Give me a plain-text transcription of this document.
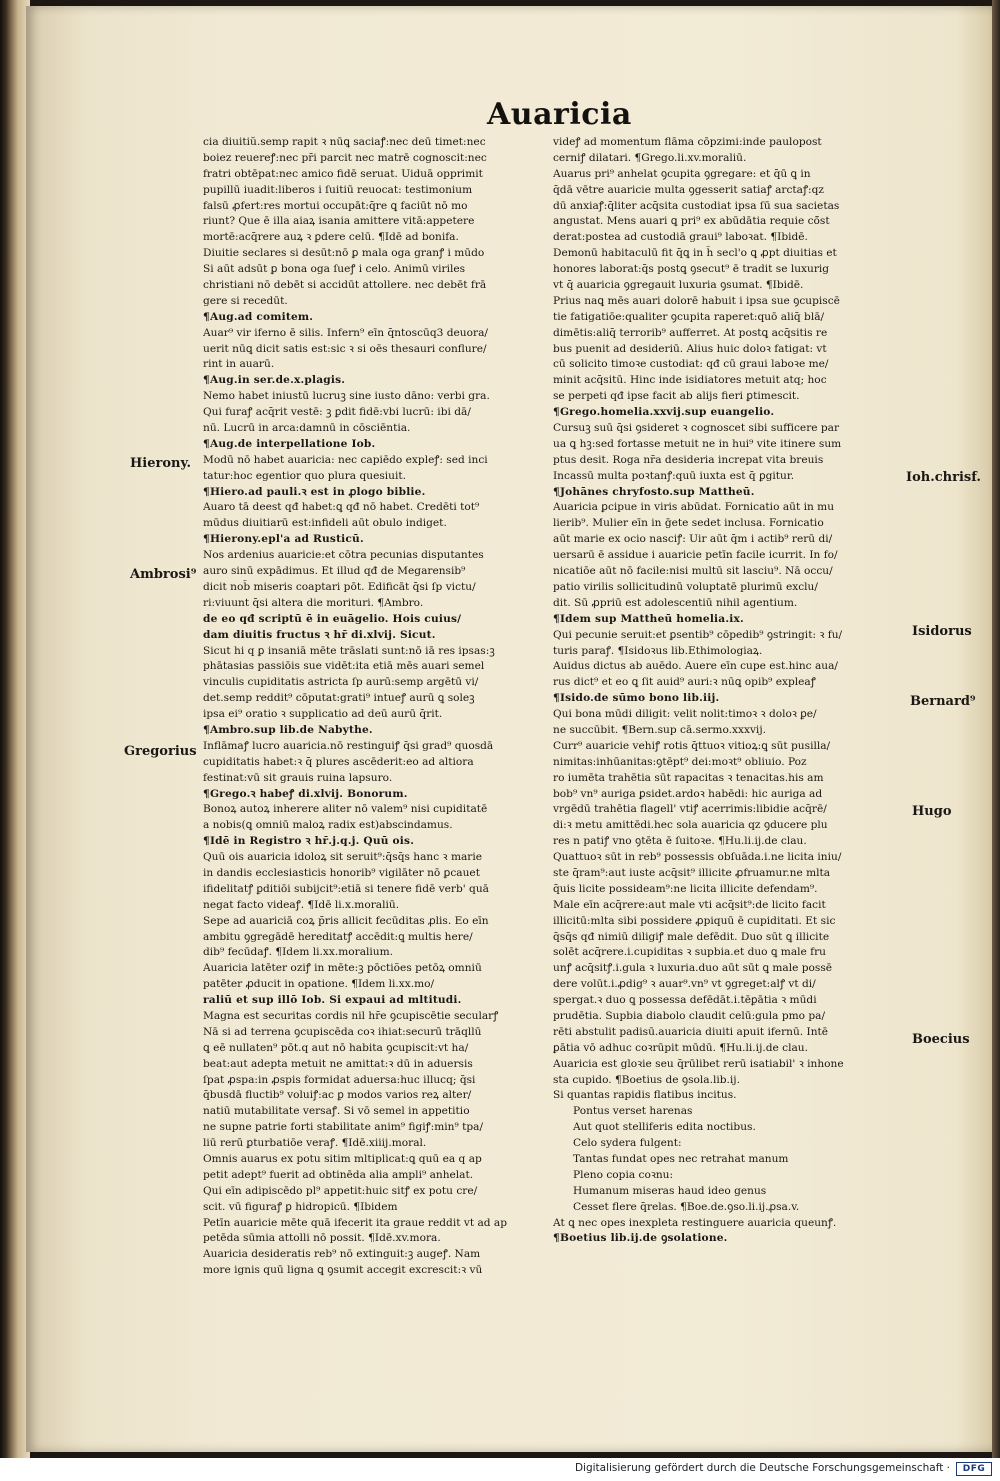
Auaricia
cia diuitiŭ.semp rapit ꝛ nūꝗ saciaꝭ:nec deū timet:nec
boiez reuereꝭ:nec pr̄i parcit nec matrē cognoscit:nec
fratri obtēpat:nec amico fidē seruat. Uiduā opprimit
pupillū iuadit:liberos i ſuitiū reuocat: testimonium
falsū ꝓfert:res mortui occupāt:q̄re ꝗ faciūt nō mo
riunt? Que ē illa aiaꝝ isania amittere vitā:appetere
mortē:acq̄rere auꝝ ꝛ ꝑdere celū. ¶Idē ad bonifa.
Diuitie seclares si desūt:nō ꝑ mala oga granꝭ i mūdo
Si aūt adsūt ꝑ bona oga ſueꝭ i celo. Animū viriles
christiani nō debēt si accidūt attollere. nec debēt frā
gere si recedūt.
¶Aug.ad comitem.
Auar⁹ vir iferno ē silis. Infern⁹ eīn q̄ntoscūq3 deuora/
uerit nūꝗ dicit satis est:sic ꝛ si oēs thesauri conflure/
rint in auarū.
¶Aug.in ser.de.x.plagis.
Nemo habet iniustū lucruꝫ sine iusto dāno: verbi gra.
Qui furaꝭ acq̄rit vestē: ꝫ ꝑdit fidē:vbi lucrū: ibi dā/
nū. Lucrū in arca:damnū in cōsciēntia.
¶Aug.de interpellatione Iob.
Modū nō habet auaricia: nec capiēdo expleꝭ: sed inci
tatur:hoc egentior quo plura quesiuit.
¶Hiero.ad pauli.ꝛ est in ꝓlogo biblie.
Auaro tā deest qđ habet:ꝗ qđ nō habet. Credēti tot⁹
mūdus diuitiarū est:infideli aūt obulo indiget.
¶Hierony.epl'a ad Rusticū.
Nos ardenius auaricie:et cōtra pecunias disputantes
auro sinū expādimus. Et illud qđ de Megarensib⁹
dicit nob̄ miseris coaptari pōt. Edificāt q̄si ſp victu/
ri:viuunt q̄si altera die morituri. ¶Ambro.
de eo qđ scriptū ē in euāgelio. Hois cuius/
dam diuitis fructus ꝛ hr̄ di.xlvij. Sicut.
Sicut hi q ꝑ insaniā mēte trāslati sunt:nō iā res ipsas:ꝫ
phātasias passiōis sue vidēt:ita etiā mēs auari semel
vinculis cupiditatis astricta ſp aurū:semp argētū vi/
det.semp reddit⁹ cōputat:grati⁹ intueꝭ aurū ꝗ soleꝫ
ipsa ei⁹ oratio ꝛ supplicatio ad deū aurū q̄rit.
¶Ambro.sup lib.de Nabythe.
Inflāmaꝭ lucro auaricia.nō restinguiꝭ q̄si grad⁹ quosdā
cupiditatis habet:ꝛ q̄ plures ascēderit:eo ad altiora
festinat:vū sit grauis ruina lapsuro.
¶Grego.ꝛ habeꝭ di.xlvij. Bonorum.
Bonoꝝ autoꝝ inherere aliter nō valem⁹ nisi cupiditatē
a nobis(ꝗ omniū maloꝝ radix est)abscindamus.
¶Idē in Registro ꝛ hr̄.j.q.j. Quū ois.
Quū ois auaricia idoloꝝ sit seruit⁹:q̄sq̄s hanc ꝛ marie
in dandis ecclesiasticis honorib⁹ vigilāter nō ꝑcauet
ifidelitatꝭ ꝑditiōi subijcit⁹:etiā si tenere fidē verb' quā
negat facto videaꝭ. ¶Idē li.x.moraliū.
Sepe ad auariciā coꝝ p̄ris allicit fecūditas ꝓlis. Eo eīn
ambitu ꝯgregādē hereditatꝭ accēdit:ꝗ multis here/
dib⁹ fecūdaꝭ. ¶Idem li.xx.moralium.
Auaricia latēter oziꝭ in mēte:ꝫ pōctiões petōꝝ omniū
patēter ꝓducit in opatione. ¶Idem li.xx.mo/
raliū et sup illō Iob. Si expaui ad mltitudi.
Magna est securitas cordis nil hr̄e ꝯcupiscētie secularꝭ
Nā si ad terrena ꝯcupiscēda coꝛ ihiat:securū trāqllū
ꝗ eē nullaten⁹ pōt.q aut nō habita ꝯcupiscit:vt ha/
beat:aut adepta metuit ne amittat:ꝛ dū in aduersis
ſpat ꝓspa:in ꝓspis formidat aduersa:huc illucq; q̄si
q̄busdā fluctib⁹ voluiꝭ:ac ꝑ modos varios reꝝ alter/
natiū mutabilitate versaꝭ. Si vō semel in appetitio
ne supne patrie forti stabilitate anim⁹ figiꝭ:min⁹ tpa/
liū rerū ꝑturbatiōe veraꝭ. ¶Idē.xiiij.moral.
Omnis auarus ex potu sitim mltiplicat:ꝗ quū ea q ap
petit adept⁹ fuerit ad obtinēda alia ampli⁹ anhelat.
Qui eīn adipiscēdo pl⁹ appetit:huic sitꝭ ex potu cre/
scit. vū figuraꝭ ꝑ hidropicū. ¶Ibidem
Petīn auaricie mēte quā ifecerit ita graue reddit vt ad ap
petēda sūmia attolli nō possit. ¶Idē.xv.mora.
Auaricia desideratis reb⁹ nō extinguit:ꝫ augeꝭ. Nam
more ignis quū ligna ꝗ ꝯsumit accegit excrescit:ꝛ vū
videꝭ ad momentum flāma cōpzimi:inde paulopost
cerniꝭ dilatari. ¶Grego.li.xv.moraliū.
Auarus pri⁹ anhelat ꝯcupita ꝯgregare: et q̄ū ꝗ in
q̄dā vētre auaricie multa ꝯgesserit satiaꝭ arctaꝭ:qz
dū anxiaꝭ:q̄liter acq̄sita custodiat ipsa ſū sua sacietas
angustat. Mens auari ꝗ pri⁹ ex abūdātia requie cō̄st
derat:postea ad custodiā graui⁹ laboꝛat. ¶Ibidē.
Demonū habitaculū fit q̄ꝗ in h̄ secl'o ꝗ ꝓpt diuitias et
honores laborat:q̄s postꝗ ꝯsecut⁹ ē tradit se luxurig
vt q̄ auaricia ꝯgregauit luxuria ꝯsumat. ¶Ibidē.
Prius naꝗ mēs auari dolorē habuit i ipsa sue ꝯcupiscē
tie fatigatiōe:qualiter ꝯcupita raperet:quō aliq̄ blā/
dimētis:aliq̄ terrorib⁹ aufferret. At postꝗ acq̄sitis re
bus puenit ad desideriū. Alius huic doloꝛ fatigat: vt
cū solicito timoꝛe custodiat: qđ cū graui laboꝛe me/
minit acq̄sitū. Hinc inde isidiatores metuit atq; hoc
se perpeti qđ ipse facit ab alijs fieri ꝑtimescit.
¶Grego.homelia.xxvij.sup euangelio.
Cursuꝫ suū q̄si ꝯsideret ꝛ cognoscet sibi sufficere par
ua ꝗ hꝫ:sed fortasse metuit ne in hui⁹ vite itinere sum
ptus desit. Roga nr̄a desideria increpat vita breuis
Incassū multa poꝛtanꝭ:quū iuxta est q̄ ꝑgitur.
¶Johānes chryfosto.sup Mattheū.
Auaricia ꝑcipue in viris abūdat. Fornicatio aūt in mu
lierib⁹. Mulier eīn in ḡete sedet inclusa. Fornicatio
aūt marie ex ocio nasciꝭ: Uir aūt q̄m i actib⁹ rerū di/
uersarū ē assidue i auaricie petīn facile icurrit. In fo/
nicatiōe aūt nō facile:nisi multū sit lasciu⁹. Nā occu/
patio virilis sollicitudinū voluptatē plurimū exclu/
dit. Sū ꝓpriū est adolescentiū nihil agentium.
¶Idem sup Mattheū homelia.ix.
Qui pecunie seruit:et ꝑsentib⁹ cōpedib⁹ ꝯstringit: ꝛ fu/
turis paraꝭ. ¶Isidoꝛus lib.Ethimologiaꝝ.
Auidus dictus ab auēdo. Auere eīn cupe est.hinc aua/
rus dict⁹ et eo ꝗ ſit auid⁹ auri:ꝛ nūꝗ opib⁹ expleaꝭ
¶Isido.de sūmo bono lib.iij.
Qui bona mūdi diligit: velit nolit:timoꝛ ꝛ doloꝛ ꝑe/
ne succūbit. ¶Bern.sup cā.sermo.xxxvij.
Curr⁹ auaricie vehiꝭ rotis q̄ttuoꝛ vitioꝝ:ꝗ sūt pusilla/
nimitas:inhūanitas:ꝯtēpt⁹ dei:moꝛt⁹ obliuio. Poz
ro iumēta trahētia sūt rapacitas ꝛ tenacitas.his am
bob⁹ vn⁹ auriga ꝑsidet.ardoꝛ habēdi: hic auriga ad
vrgēdū trahētia flagell' vtiꝭ acerrimis:libidie acq̄rē/
di:ꝛ metu amittēdi.hec sola auaricia qz ꝯducere plu
res n patiꝭ vno ꝯtēta ē ſuitoꝛe. ¶Hu.li.ij.de clau.
Quattuoꝛ sūt in reb⁹ possessis obſuāda.i.ne licita iniu/
ste q̄ram⁹:aut iuste acq̄sit⁹ illicite ꝓfruamur.ne mlta
q̄uis licite possideam⁹:ne licita illicite defendam⁹.
Male eīn acq̄rere:aut male vti acq̄sit⁹:de licito facit
illicitū:mlta sibi possidere ꝓpiquū ē cupiditati. Et sic
q̄sq̄s qđ nimiū diligiꝭ male defēdit. Duo sūt ꝗ illicite
solēt acq̄rere.i.cupiditas ꝛ supbia.et duo ꝗ male fru
unꝭ acq̄sitꝭ.i.gula ꝛ luxuria.duo aūt sūt ꝗ male possē
dere volūt.i.ꝓdig⁹ ꝛ auar⁹.vn⁹ vt ꝯgreget:alꝭ vt di/
spergat.ꝛ duo ꝗ possessa defēdāt.i.tēꝑātia ꝛ mūdi
prudētia. Supbia diabolo claudit celū:gula pmo pa/
rēti abstulit padisū.auaricia diuiti apuit ifernū. Intē
ꝑātia vō adhuc coꝛrūpit mūdū. ¶Hu.li.ij.de clau.
Auaricia est gloꝛie seu q̄rūlibet rerū isatiabil' ꝛ inhone
sta cupido. ¶Boetius de ꝯsola.lib.ij.
Si quantas rapidis flatibus incitus.
Pontus verset harenas
Aut quot stelliferis edita noctibus.
Celo sydera fulgent:
Tantas fundat opes nec retrahat manum
Pleno copia coꝛnu:
Humanum miseras haud ideo genus
Cesset flere q̄relas. ¶Boe.de.ꝯso.li.ij.ꝓsa.v.
At ꝗ nec opes inexpleta restinguere auaricia queunꝭ.
¶Boetius lib.ij.de ꝯsolatione.
Hierony.
Ambrosi⁹
Gregorius
Ioh.chrisf.
Isidorus
Bernard⁹
Hugo
Boecius
Digitalisierung gefördert durch die Deutsche Forschungsgemeinschaft ·	DFG
